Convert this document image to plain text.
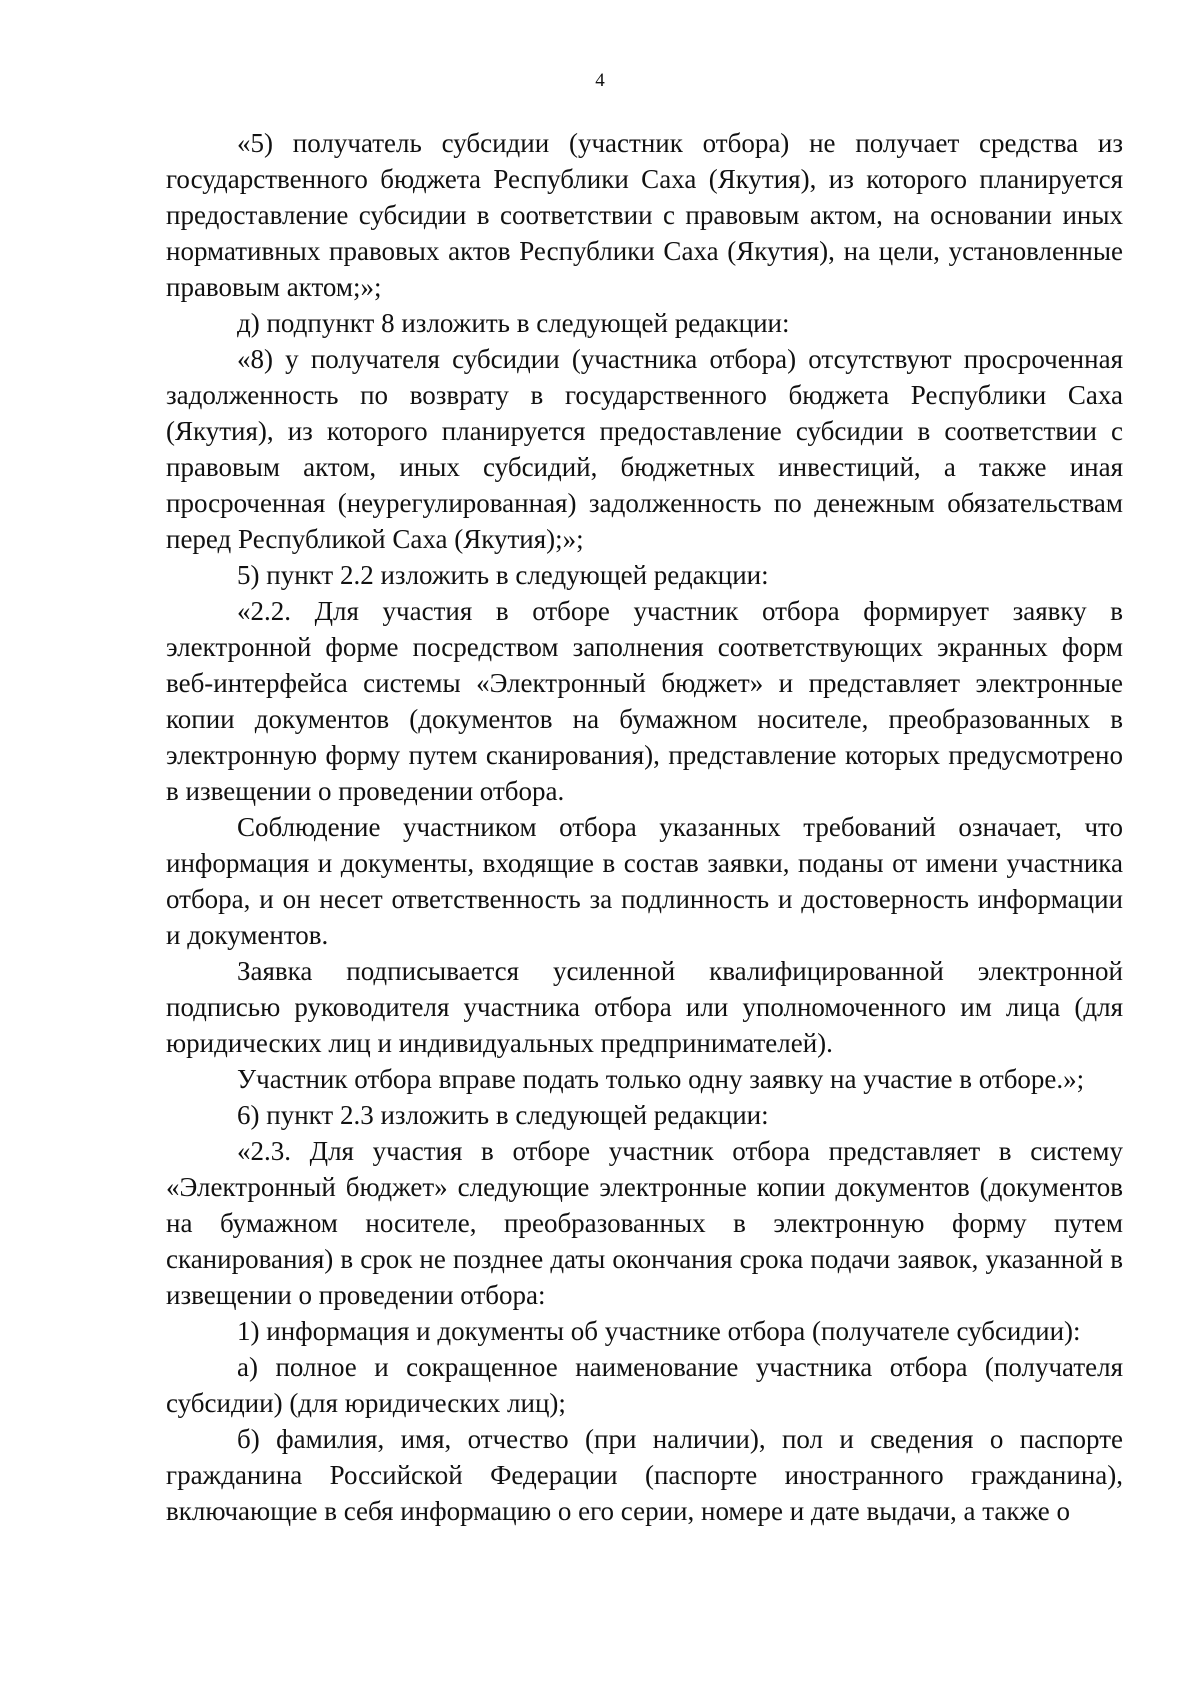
4

«5) получатель субсидии (участник отбора) не получает средства из государственного бюджета Республики Саха (Якутия), из которого планируется предоставление субсидии в соответствии с правовым актом, на основании иных нормативных правовых актов Республики Саха (Якутия), на цели, установленные правовым актом;»;

д) подпункт 8 изложить в следующей редакции:

«8) у получателя субсидии (участника отбора) отсутствуют просроченная задолженность по возврату в государственного бюджета Республики Саха (Якутия), из которого планируется предоставление субсидии в соответствии с правовым актом, иных субсидий, бюджетных инвестиций, а также иная просроченная (неурегулированная) задолженность по денежным обязательствам перед Республикой Саха (Якутия);»;

5) пункт 2.2 изложить в следующей редакции:

«2.2. Для участия в отборе участник отбора формирует заявку в электронной форме посредством заполнения соответствующих экранных форм веб-интерфейса системы «Электронный бюджет» и представляет электронные копии документов (документов на бумажном носителе, преобразованных в электронную форму путем сканирования), представление которых предусмотрено в извещении о проведении отбора.

Соблюдение участником отбора указанных требований означает, что информация и документы, входящие в состав заявки, поданы от имени участника отбора, и он несет ответственность за подлинность и достоверность информации и документов.

Заявка подписывается усиленной квалифицированной электронной подписью руководителя участника отбора или уполномоченного им лица (для юридических лиц и индивидуальных предпринимателей).

Участник отбора вправе подать только одну заявку на участие в отборе.»;

6) пункт 2.3 изложить в следующей редакции:

«2.3. Для участия в отборе участник отбора представляет в систему «Электронный бюджет» следующие электронные копии документов (документов на бумажном носителе, преобразованных в электронную форму путем сканирования) в срок не позднее даты окончания срока подачи заявок, указанной в извещении о проведении отбора:

1) информация и документы об участнике отбора (получателе субсидии):

а) полное и сокращенное наименование участника отбора (получателя субсидии) (для юридических лиц);

б) фамилия, имя, отчество (при наличии), пол и сведения о паспорте гражданина Российской Федерации (паспорте иностранного гражданина), включающие в себя информацию о его серии, номере и дате выдачи, а также о
